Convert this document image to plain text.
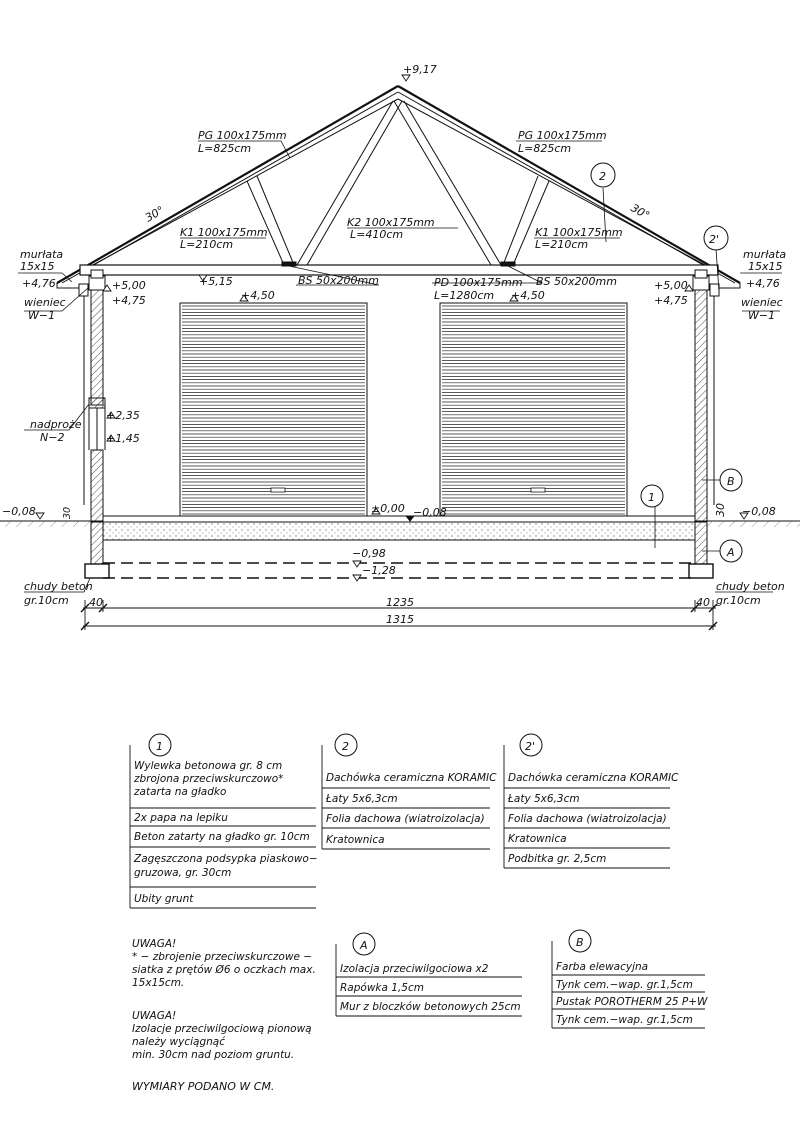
+9,17
PG 100x175mm
L=825cm
PG 100x175mm
L=825cm
30°	30°
K1 100x175mm
L=210cm
K2 100x175mm
L=410cm	K1 100x175mm
L=210cm
2
2'
murłata
15x15
+4,76	+5,00
+4,75
wieniec
W−1
murłata
15x15
+4,76
+5,00
+4,75	wieniec
W−1
+5,15	BS 50x200mm	PD 100x175mm
L=1280cm
BS 50x200mm
+4,50	+4,50
+2,35
+1,45
nadproże
N−2
−0,08	30	±0,00 −0,08
1
B
30 −0,08
A
−0,98
−1,28
chudy beton
gr.10cm
chudy beton
gr.10cm
40	1235	40
1315
1
Wylewka betonowa gr. 8 cm
zbrojona przeciwskurczowo*
zatarta na gładko
2x papa na lepiku
Beton zatarty na gładko gr. 10cm
Zagęszczona podsypka piaskowo−
gruzowa, gr. 30cm
Ubity grunt
2
Dachówka ceramiczna KORAMIC
Łaty 5x6,3cm
Folia dachowa (wiatroizolacja)
Kratownica
2'
Dachówka ceramiczna KORAMIC
Łaty 5x6,3cm
Folia dachowa (wiatroizolacja)
Kratownica
Podbitka gr. 2,5cm
A
Izolacja przeciwilgociowa x2
Rapówka 1,5cm
Mur z bloczków betonowych 25cm
B
Farba elewacyjna
Tynk cem.−wap. gr.1,5cm
Pustak POROTHERM 25 P+W
Tynk cem.−wap. gr.1,5cm
UWAGA!
* − zbrojenie przeciwskurczowe −
siatka z prętów Ø6 o oczkach max.
15x15cm.
UWAGA!
Izolacje przeciwilgociową pionową
należy wyciągnąć
min. 30cm nad poziom gruntu.
WYMIARY PODANO W CM.
